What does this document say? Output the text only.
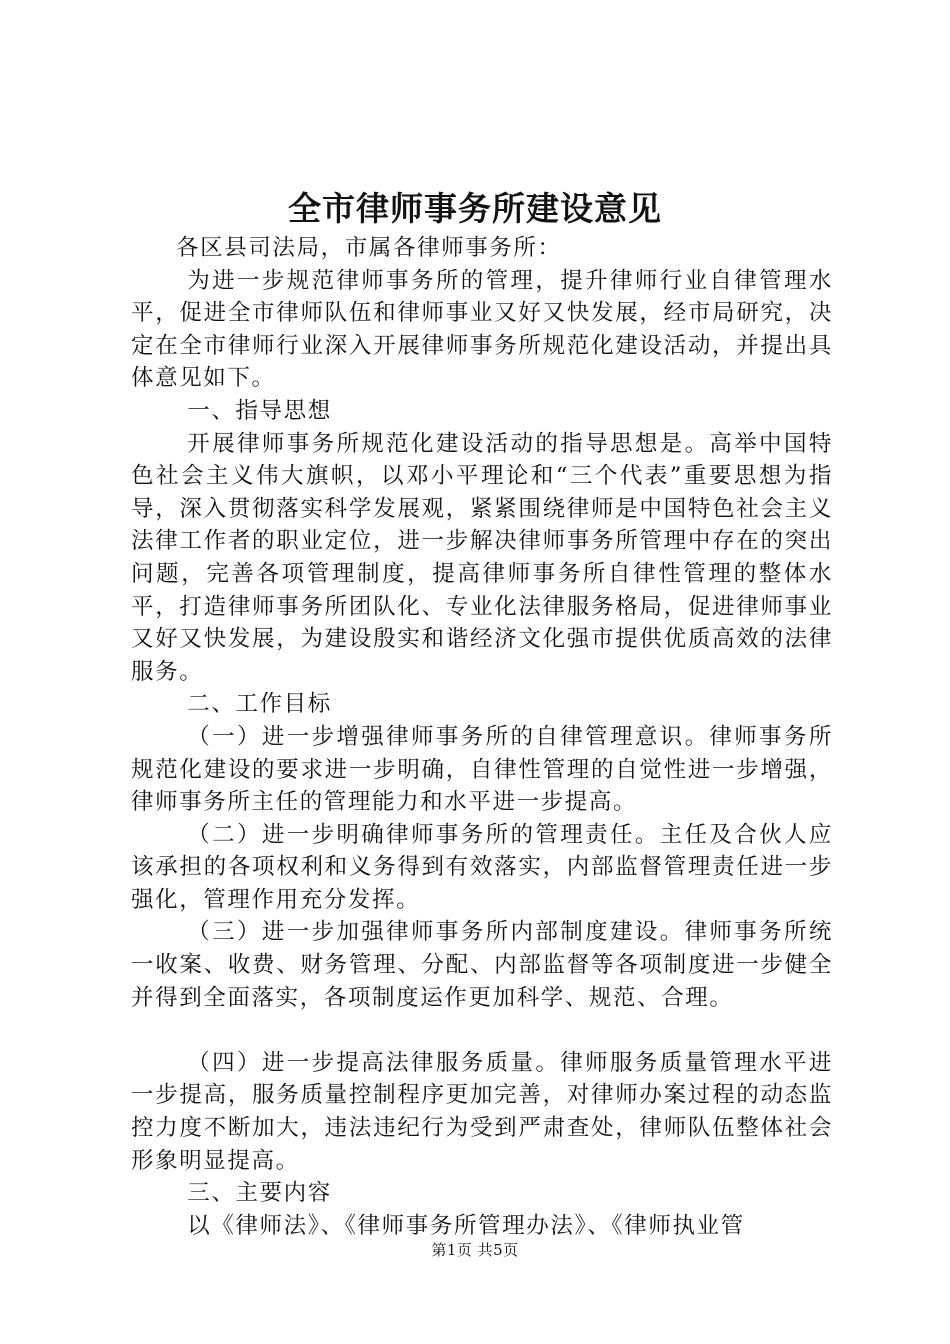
全市律师事务所建设意见

各区县司法局，市属各律师事务所：

为进一步规范律师事务所的管理，提升律师行业自律管理水平，促进全市律师队伍和律师事业又好又快发展，经市局研究，决定在全市律师行业深入开展律师事务所规范化建设活动，并提出具体意见如下。

一、指导思想

开展律师事务所规范化建设活动的指导思想是。高举中国特色社会主义伟大旗帜，以邓小平理论和“三个代表”重要思想为指导，深入贯彻落实科学发展观，紧紧围绕律师是中国特色社会主义法律工作者的职业定位，进一步解决律师事务所管理中存在的突出问题，完善各项管理制度，提高律师事务所自律性管理的整体水平，打造律师事务所团队化、专业化法律服务格局，促进律师事业又好又快发展，为建设殷实和谐经济文化强市提供优质高效的法律服务。

二、工作目标

（一）进一步增强律师事务所的自律管理意识。律师事务所规范化建设的要求进一步明确，自律性管理的自觉性进一步增强，律师事务所主任的管理能力和水平进一步提高。

（二）进一步明确律师事务所的管理责任。主任及合伙人应该承担的各项权利和义务得到有效落实，内部监督管理责任进一步强化，管理作用充分发挥。

（三）进一步加强律师事务所内部制度建设。律师事务所统一收案、收费、财务管理、分配、内部监督等各项制度进一步健全并得到全面落实，各项制度运作更加科学、规范、合理。

（四）进一步提高法律服务质量。律师服务质量管理水平进一步提高，服务质量控制程序更加完善，对律师办案过程的动态监控力度不断加大，违法违纪行为受到严肃查处，律师队伍整体社会形象明显提高。

三、主要内容

以《律师法》、《律师事务所管理办法》、《律师执业管

第1页 共5页
